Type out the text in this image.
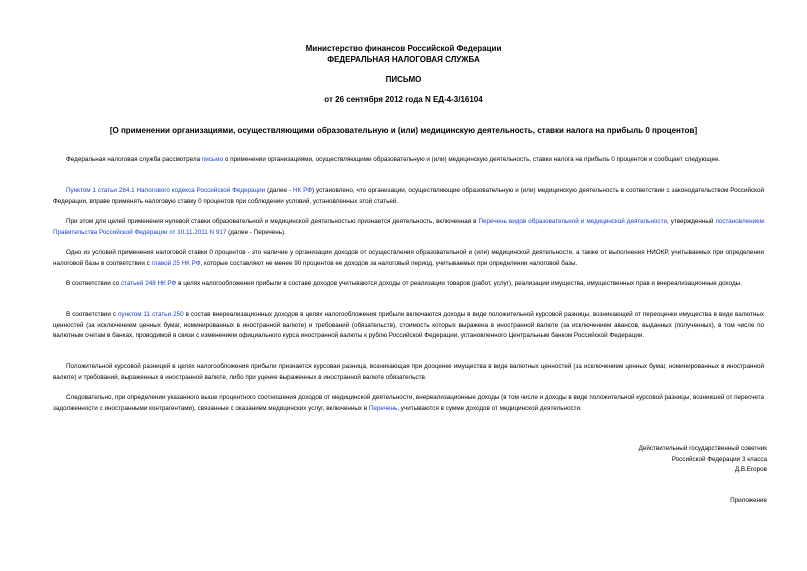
Министерство финансов Российской Федерации
ФЕДЕРАЛЬНАЯ НАЛОГОВАЯ СЛУЖБА
ПИСЬМО
от 26 сентября 2012 года N ЕД-4-3/16104
[О применении организациями, осуществляющими образовательную и (или) медицинскую деятельность, ставки налога на прибыль 0 процентов]
Федеральная налоговая служба рассмотрела письмо о применении организациями, осуществляющими образовательную и (или) медицинскую деятельность, ставки налога на прибыль 0 процентов и сообщает следующее.
Пунктом 1 статьи 284.1 Налогового кодекса Российской Федерации (далее - НК РФ) установлено, что организации, осуществляющие образовательную и (или) медицинскую деятельность в соответствии с законодательством Российской Федерации, вправе применять налоговую ставку 0 процентов при соблюдении условий, установленных этой статьей.
При этом для целей применения нулевой ставки образовательной и медицинской деятельностью признается деятельность, включенная в Перечень видов образовательной и медицинской деятельности, утвержденный постановлением Правительства Российской Федерации от 10.11.2011 N 917 (далее - Перечень).
Одно из условий применения налоговой ставки 0 процентов - это наличие у организации доходов от осуществления образовательной и (или) медицинской деятельности, а также от выполнения НИОКР, учитываемых при определении налоговой базы в соответствии с главой 25 НК РФ, которые составляют не менее 90 процентов ее доходов за налоговый период, учитываемых при определении налоговой базы.
В соответствии со статьей 248 НК РФ в целях налогообложения прибыли в составе доходов учитываются доходы от реализации товаров (работ, услуг), реализации имущества, имущественных прав и внереализационные доходы.
В соответствии с пунктом 11 статьи 250 в состав внереализационных доходов в целях налогообложения прибыли включаются доходы в виде положительной курсовой разницы, возникающей от переоценки имущества в виде валютных ценностей (за исключением ценных бумаг, номинированных в иностранной валюте) и требований (обязательств), стоимость которых выражена в иностранной валюте (за исключением авансов, выданных (полученных), в том числе по валютным счетам в банках, проводимой в связи с изменением официального курса иностранной валюты к рублю Российской Федерации, установленного Центральным банком Российской Федерации.
Положительной курсовой разницей в целях налогообложения прибыли признается курсовая разница, возникающая при дооценке имущества в виде валютных ценностей (за исключением ценных бумаг, номинированных в иностранной валюте) и требований, выраженных в иностранной валюте, либо при уценке выраженных в иностранной валюте обязательств.
Следовательно, при определении указанного выше процентного соотношения доходов от медицинской деятельности, внереализационные доходы (в том числе и доходы в виде положительной курсовой разницы, возникшей от пересчета задолженности с иностранными контрагентами), связанные с оказанием медицинских услуг, включенных в Перечень, учитываются в сумме доходов от медицинской деятельности.
Действительный государственный советник
Российской Федерации 3 класса
Д.В.Егоров
Приложение
